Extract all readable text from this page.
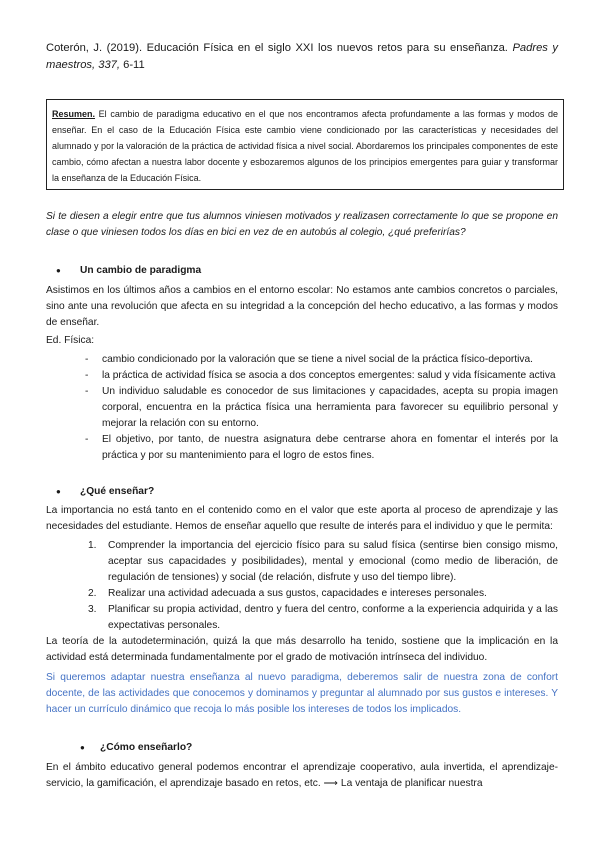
Coterón, J. (2019). Educación Física en el siglo XXI los nuevos retos para su enseñanza. Padres y maestros, 337, 6-11
Resumen. El cambio de paradigma educativo en el que nos encontramos afecta profundamente a las formas y modos de enseñar. En el caso de la Educación Física este cambio viene condicionado por las características y necesidades del alumnado y por la valoración de la práctica de actividad física a nivel social. Abordaremos los principales componentes de este cambio, cómo afectan a nuestra labor docente y esbozaremos algunos de los principios emergentes para guiar y transformar la enseñanza de la Educación Física.
Si te diesen a elegir entre que tus alumnos viniesen motivados y realizasen correctamente lo que se propone en clase o que viniesen todos los días en bici en vez de en autobús al colegio, ¿qué preferirías?
● Un cambio de paradigma
Asistimos en los últimos años a cambios en el entorno escolar: No estamos ante cambios concretos o parciales, sino ante una revolución que afecta en su integridad a la concepción del hecho educativo, a las formas y modos de enseñar.
Ed. Física:
- cambio condicionado por la valoración que se tiene a nivel social de la práctica físico-deportiva.
- la práctica de actividad física se asocia a dos conceptos emergentes: salud y vida físicamente activa
- Un individuo saludable es conocedor de sus limitaciones y capacidades, acepta su propia imagen corporal, encuentra en la práctica física una herramienta para favorecer su equilibrio personal y mejorar la relación con su entorno.
- El objetivo, por tanto, de nuestra asignatura debe centrarse ahora en fomentar el interés por la práctica y por su mantenimiento para el logro de estos fines.
● ¿Qué enseñar?
La importancia no está tanto en el contenido como en el valor que este aporta al proceso de aprendizaje y las necesidades del estudiante. Hemos de enseñar aquello que resulte de interés para el individuo y que le permita:
1. Comprender la importancia del ejercicio físico para su salud física (sentirse bien consigo mismo, aceptar sus capacidades y posibilidades), mental y emocional (como medio de liberación, de regulación de tensiones) y social (de relación, disfrute y uso del tiempo libre).
2. Realizar una actividad adecuada a sus gustos, capacidades e intereses personales.
3. Planificar su propia actividad, dentro y fuera del centro, conforme a la experiencia adquirida y a las expectativas personales.
La teoría de la autodeterminación, quizá la que más desarrollo ha tenido, sostiene que la implicación en la actividad está determinada fundamentalmente por el grado de motivación intrínseca del individuo.
Si queremos adaptar nuestra enseñanza al nuevo paradigma, deberemos salir de nuestra zona de confort docente, de las actividades que conocemos y dominamos y preguntar al alumnado por sus gustos e intereses. Y hacer un currículo dinámico que recoja lo más posible los intereses de todos los implicados.
● ¿Cómo enseñarlo?
En el ámbito educativo general podemos encontrar el aprendizaje cooperativo, aula invertida, el aprendizaje-servicio, la gamificación, el aprendizaje basado en retos, etc. ⟶ La ventaja de planificar nuestra
